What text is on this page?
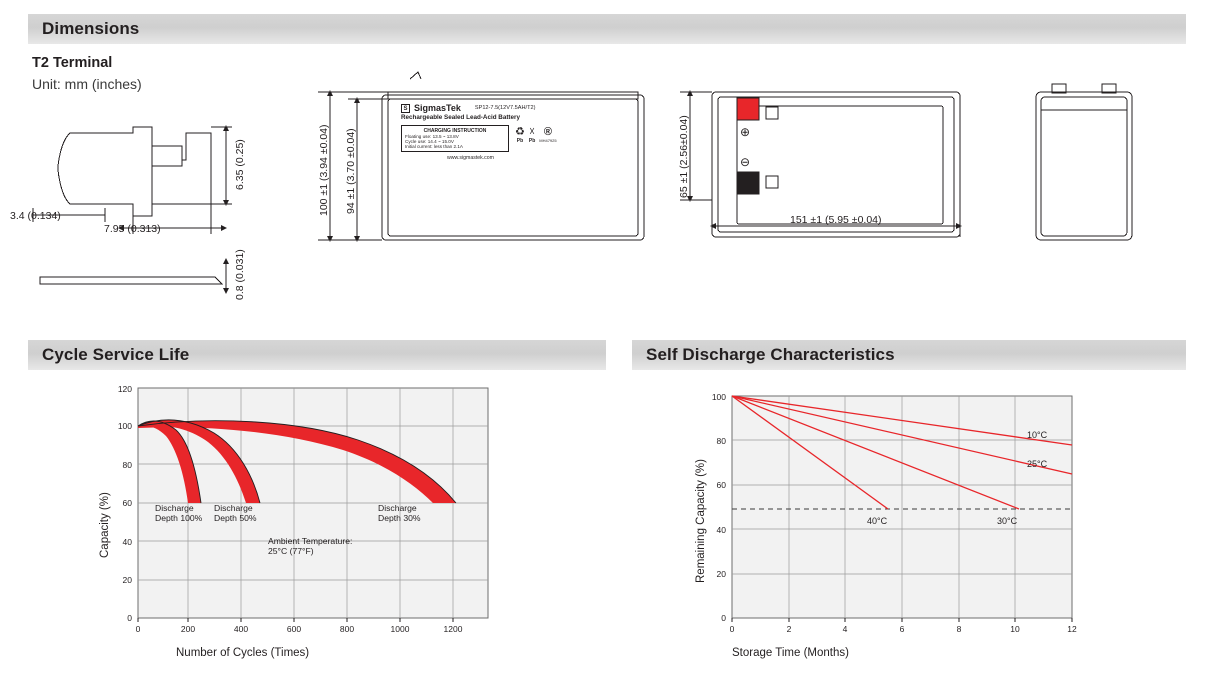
Dimensions
T2 Terminal
Unit: mm (inches)
⊕
⊖
3.4 (0.134)
7.95 (0.313)
6.35 (0.25)
0.8 (0.031)
100 ±1 (3.94 ±0.04) 94 ±1 (3.70 ±0.04)	65 ±1 (2.56±0.04)
151 ±1 (5.95 ±0.04)
S SigmasTek	SP12-7.5(12V7.5AH/T2)
Rechargeable Sealed Lead-Acid Battery
CHARGING INSTRUCTION
Floating use: 13.5 ~ 13.8V
Cycle use: 14.4 ~ 15.0V
Initial current: less than 2.1A
♻
Pb
☓
Pb
®
MH47925
www.sigmastek.com
Cycle Service Life
0	200	400	600	800	1000	1200
120
100
80
60
40
20
0
Discharge
Depth 100%
Discharge
Depth 50%
Discharge
Depth 30%
Ambient Temperature:
25°C (77°F)
Capacity (%)
Number of Cycles (Times)
Self Discharge Characteristics
0	2	4	6	8	10	12
100
80
60
40
20
0
10°C
25°C
30°C
40°C
Remaining Capacity (%)
Storage Time (Months)
